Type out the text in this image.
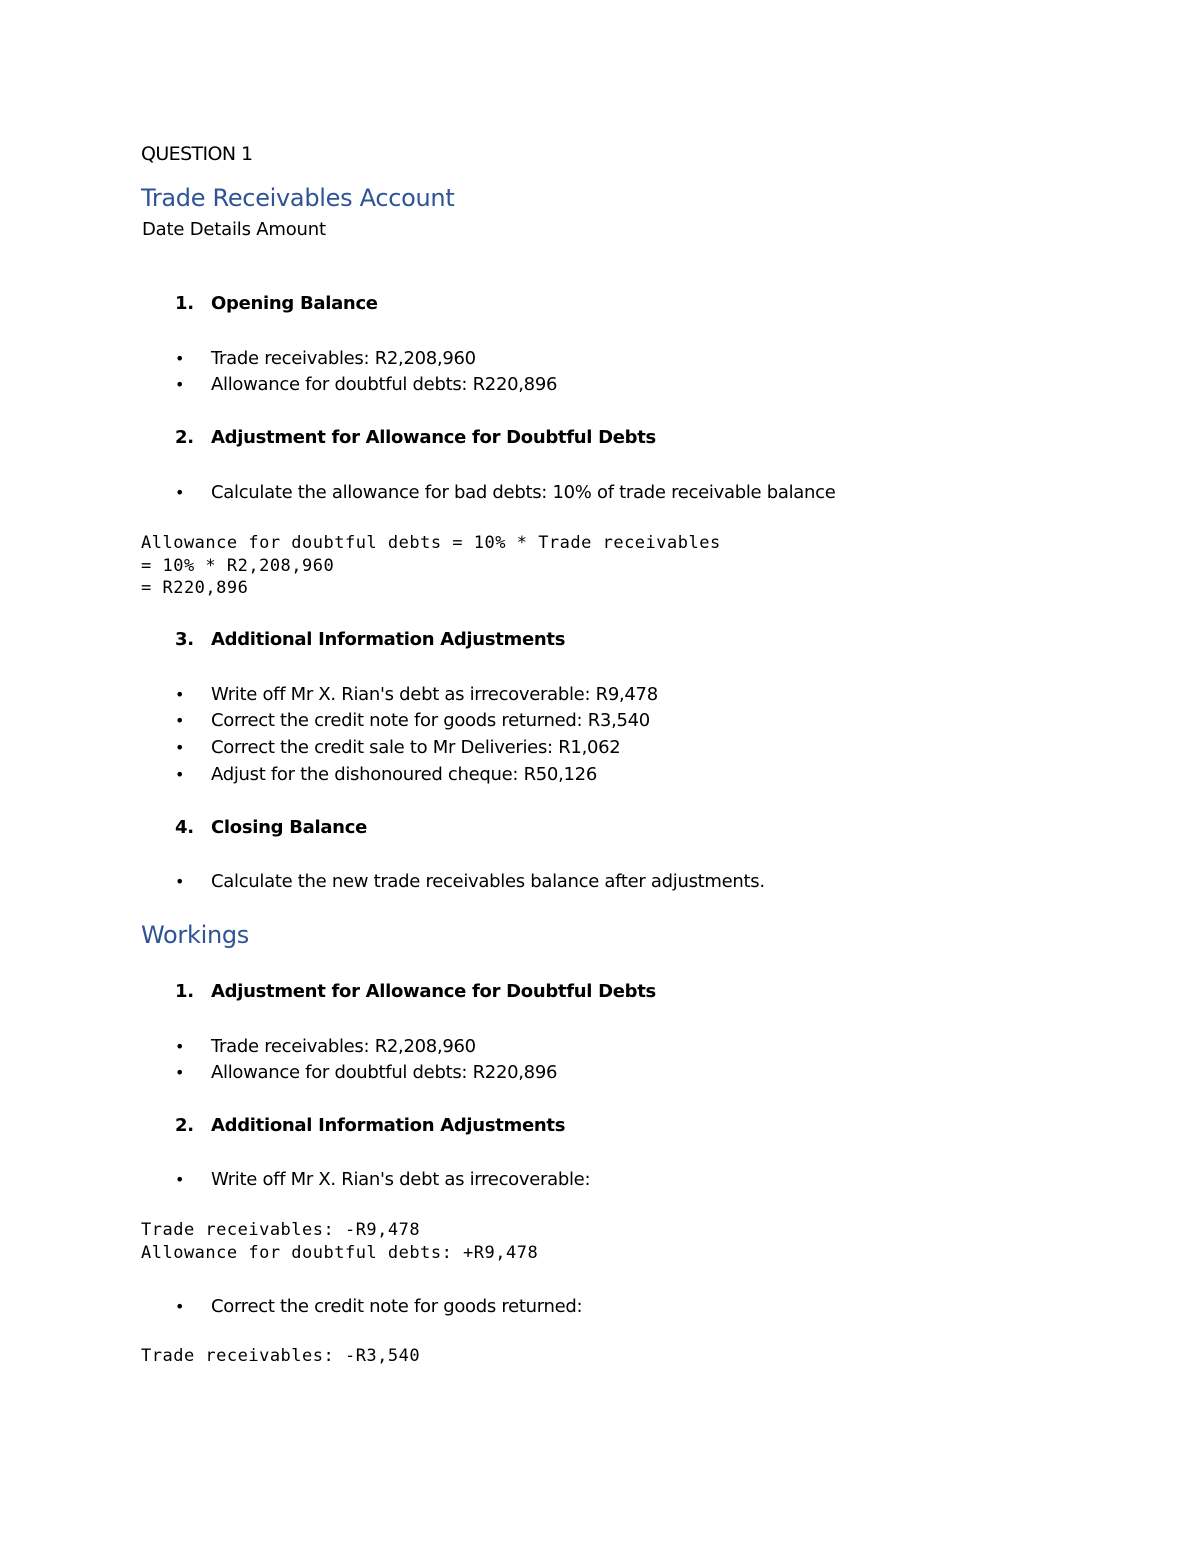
QUESTION 1
Trade Receivables Account
Date Details Amount
1. Opening Balance
• Trade receivables: R2,208,960
• Allowance for doubtful debts: R220,896
2. Adjustment for Allowance for Doubtful Debts
• Calculate the allowance for bad debts: 10% of trade receivable balance
Allowance for doubtful debts = 10% * Trade receivables
= 10% * R2,208,960
= R220,896
3. Additional Information Adjustments
• Write off Mr X. Rian's debt as irrecoverable: R9,478
• Correct the credit note for goods returned: R3,540
• Correct the credit sale to Mr Deliveries: R1,062
• Adjust for the dishonoured cheque: R50,126
4. Closing Balance
• Calculate the new trade receivables balance after adjustments.
Workings
1. Adjustment for Allowance for Doubtful Debts
• Trade receivables: R2,208,960
• Allowance for doubtful debts: R220,896
2. Additional Information Adjustments
• Write off Mr X. Rian's debt as irrecoverable:
Trade receivables: -R9,478
Allowance for doubtful debts: +R9,478
• Correct the credit note for goods returned:
Trade receivables: -R3,540
